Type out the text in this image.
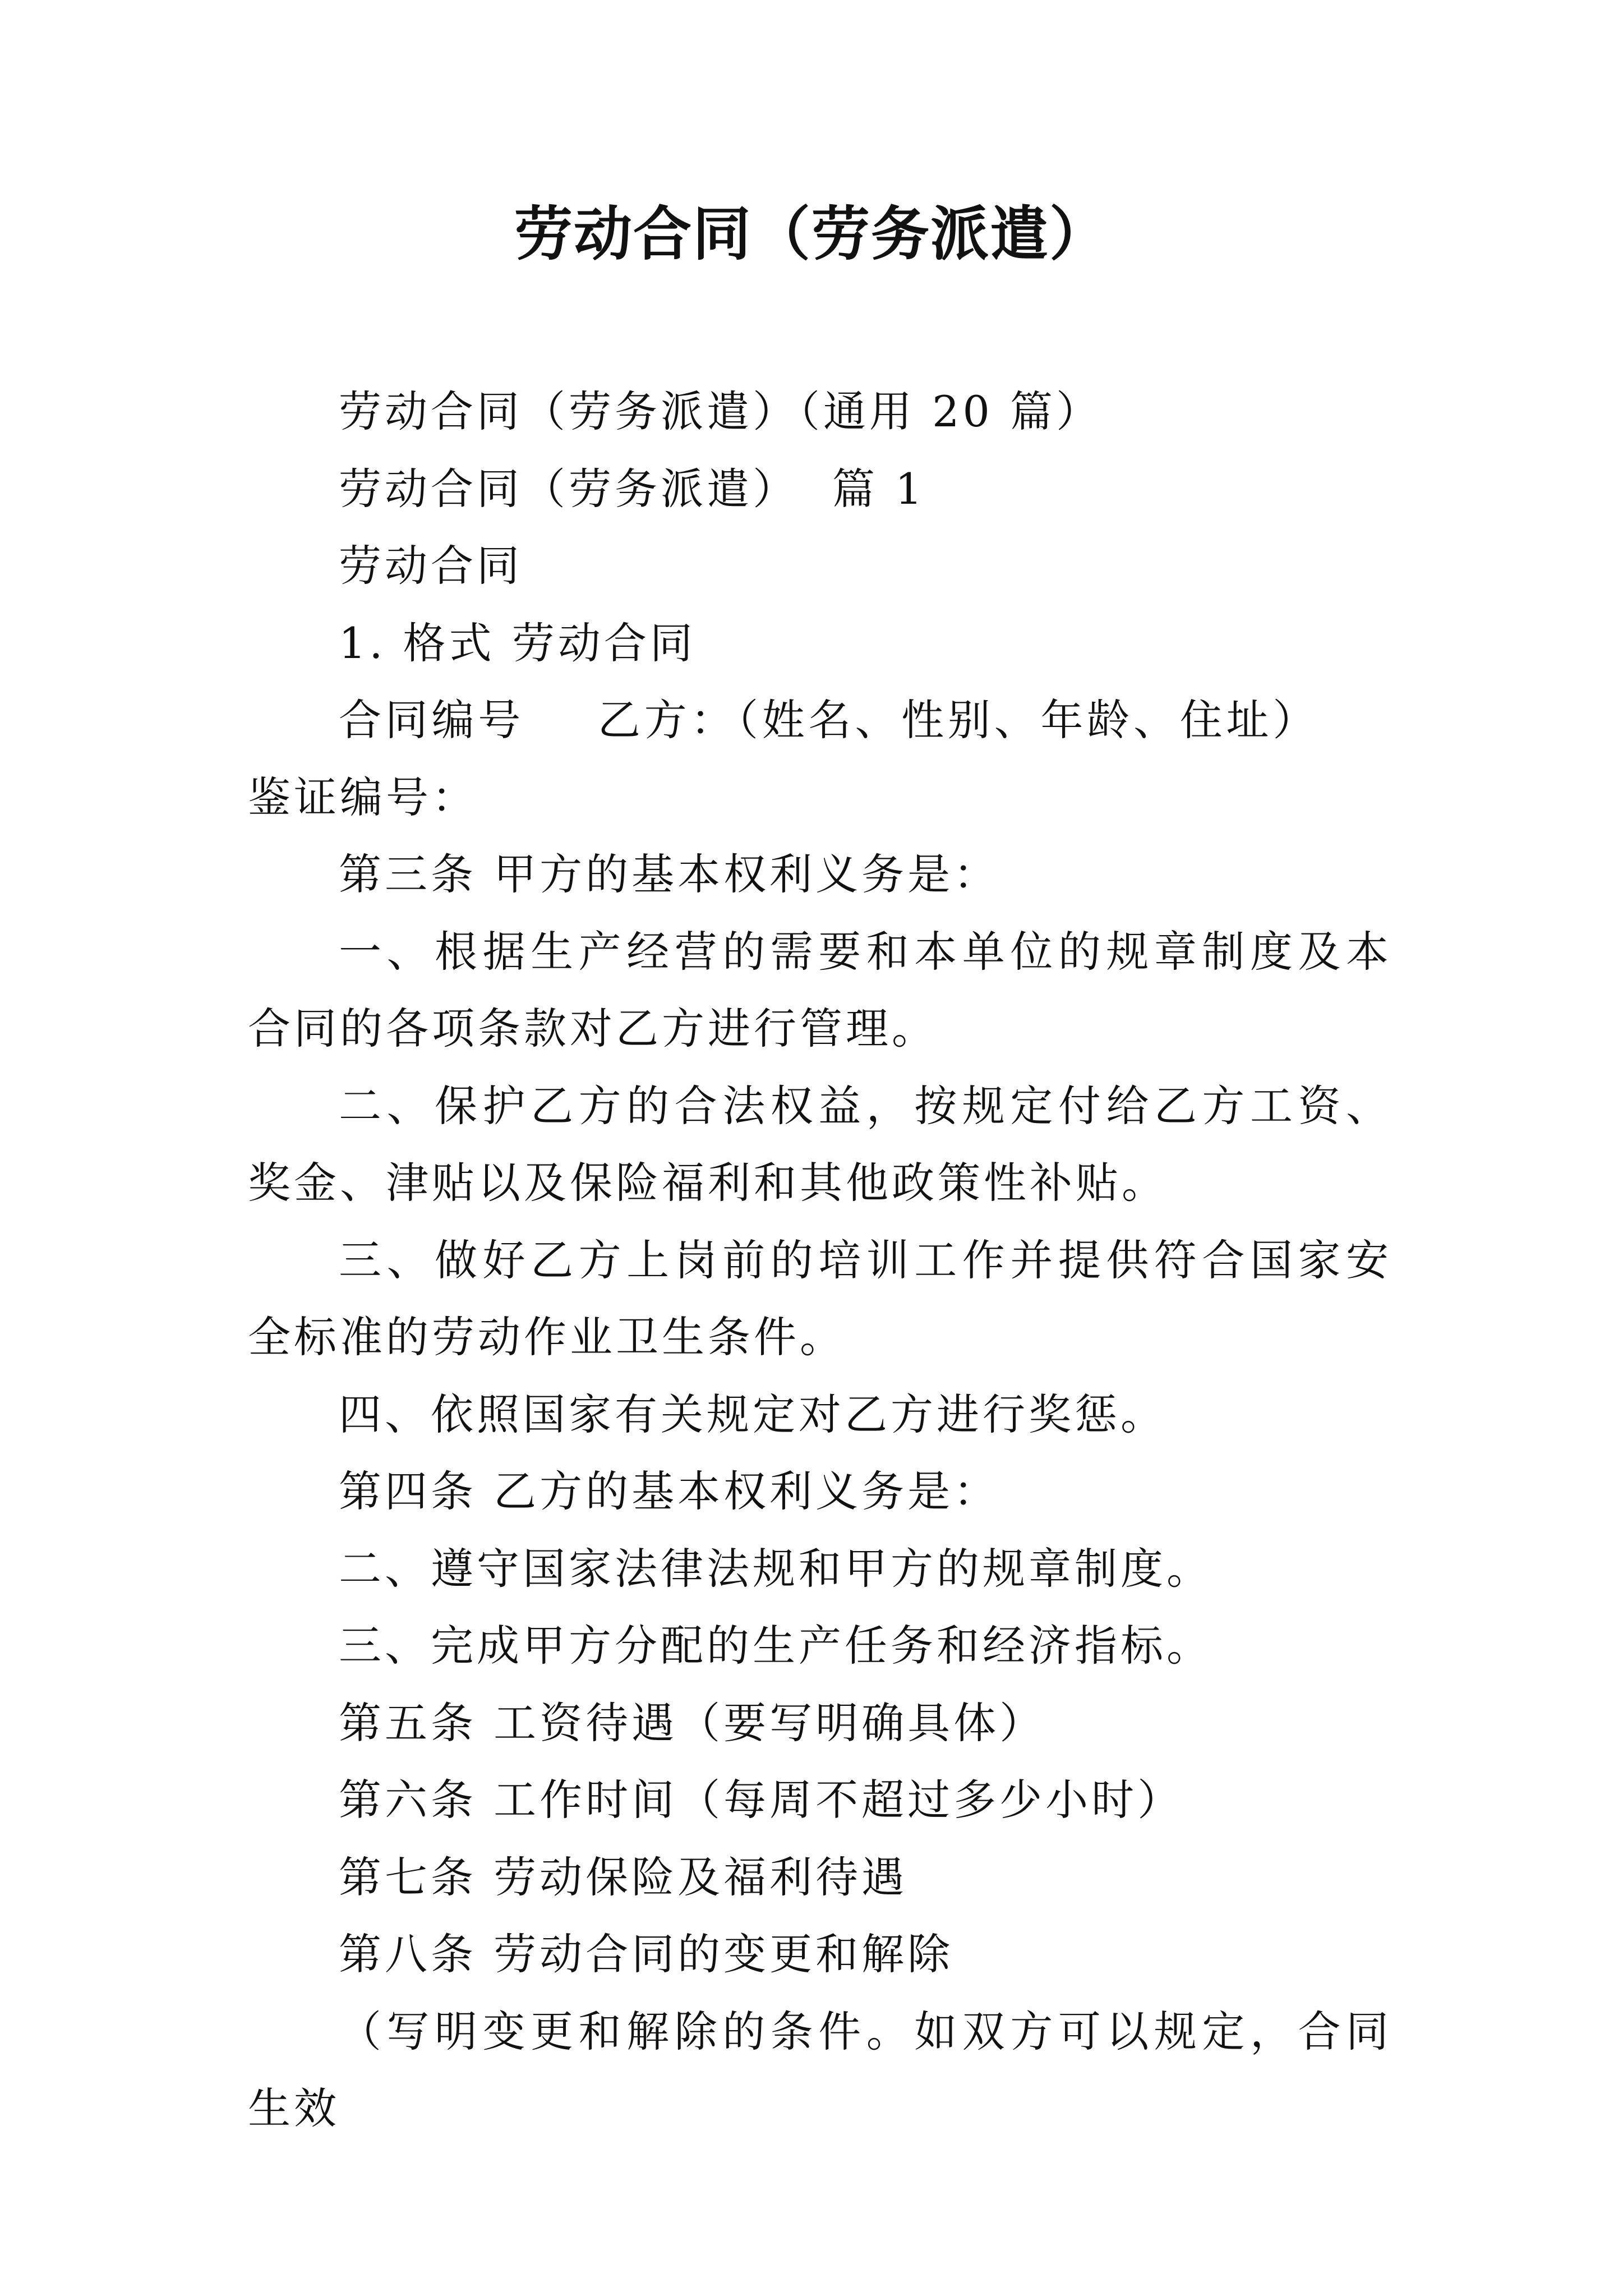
劳动合同（劳务派遣）

劳动合同（劳务派遣）（通用 20 篇）

劳动合同（劳务派遣） 篇 1

劳动合同

1. 格式 劳动合同

合同编号 乙方：（姓名、性别、年龄、住址）鉴证编号：

第三条 甲方的基本权利义务是：

一、根据生产经营的需要和本单位的规章制度及本合同的各项条款对乙方进行管理。

二、保护乙方的合法权益，按规定付给乙方工资、奖金、津贴以及保险福利和其他政策性补贴。

三、做好乙方上岗前的培训工作并提供符合国家安全标准的劳动作业卫生条件。

四、依照国家有关规定对乙方进行奖惩。

第四条 乙方的基本权利义务是：

二、遵守国家法律法规和甲方的规章制度。

三、完成甲方分配的生产任务和经济指标。

第五条 工资待遇（要写明确具体）

第六条 工作时间（每周不超过多少小时）

第七条 劳动保险及福利待遇

第八条 劳动合同的变更和解除

（写明变更和解除的条件。如双方可以规定，合同生效
